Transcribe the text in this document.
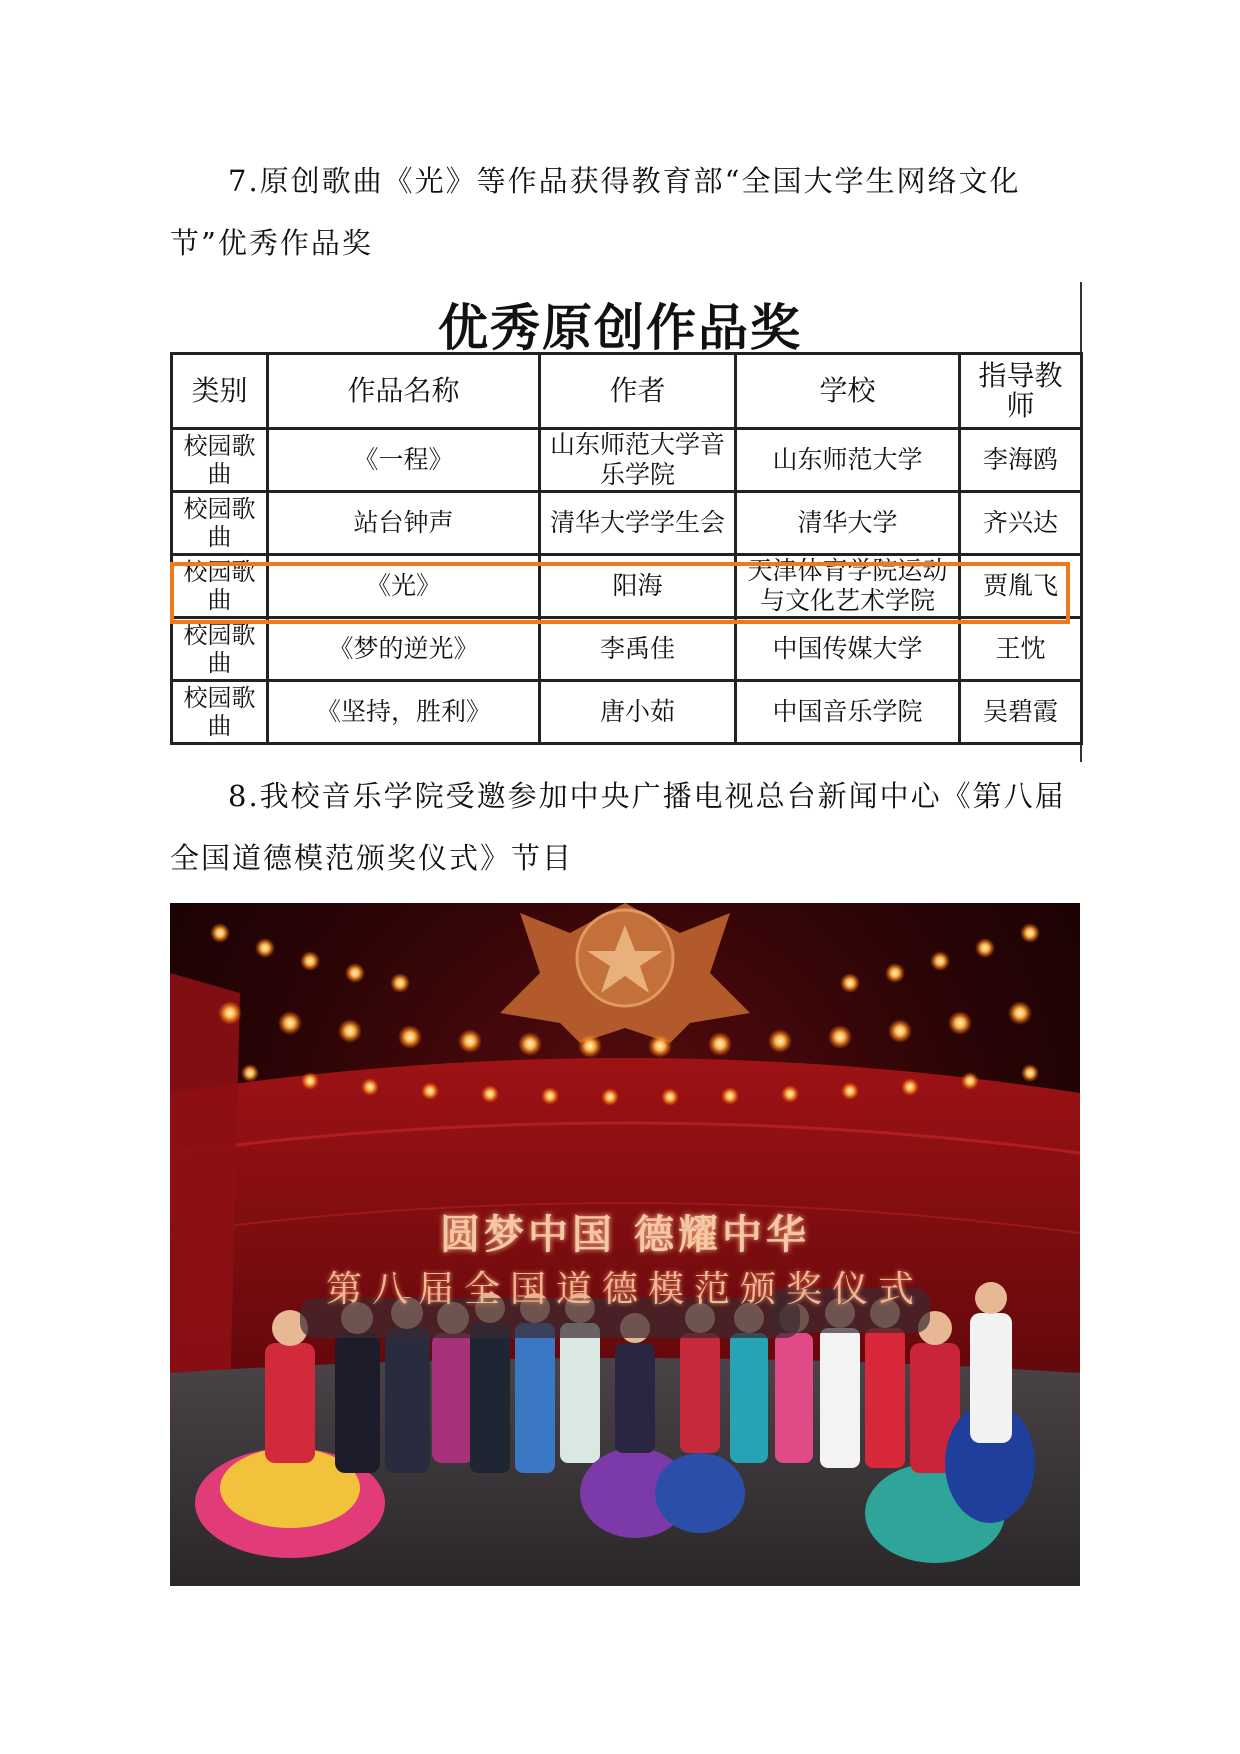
7.原创歌曲《光》等作品获得教育部“全国大学生网络文化节”优秀作品奖
优秀原创作品奖
类别	作品名称	作者	学校	指导教师
校园歌曲	《一程》	山东师范大学音乐学院	山东师范大学	李海鸥
校园歌曲	站台钟声	清华大学学生会	清华大学	齐兴达
校园歌曲	《光》	阳海	天津体育学院运动与文化艺术学院	贾胤飞
校园歌曲	《梦的逆光》	李禹佳	中国传媒大学	王忱
校园歌曲	《坚持，胜利》	唐小茹	中国音乐学院	吴碧霞
8.我校音乐学院受邀参加中央广播电视总台新闻中心《第八届全国道德模范颁奖仪式》节目
圆梦中国 德耀中华
第八届全国道德模范颁奖仪式
